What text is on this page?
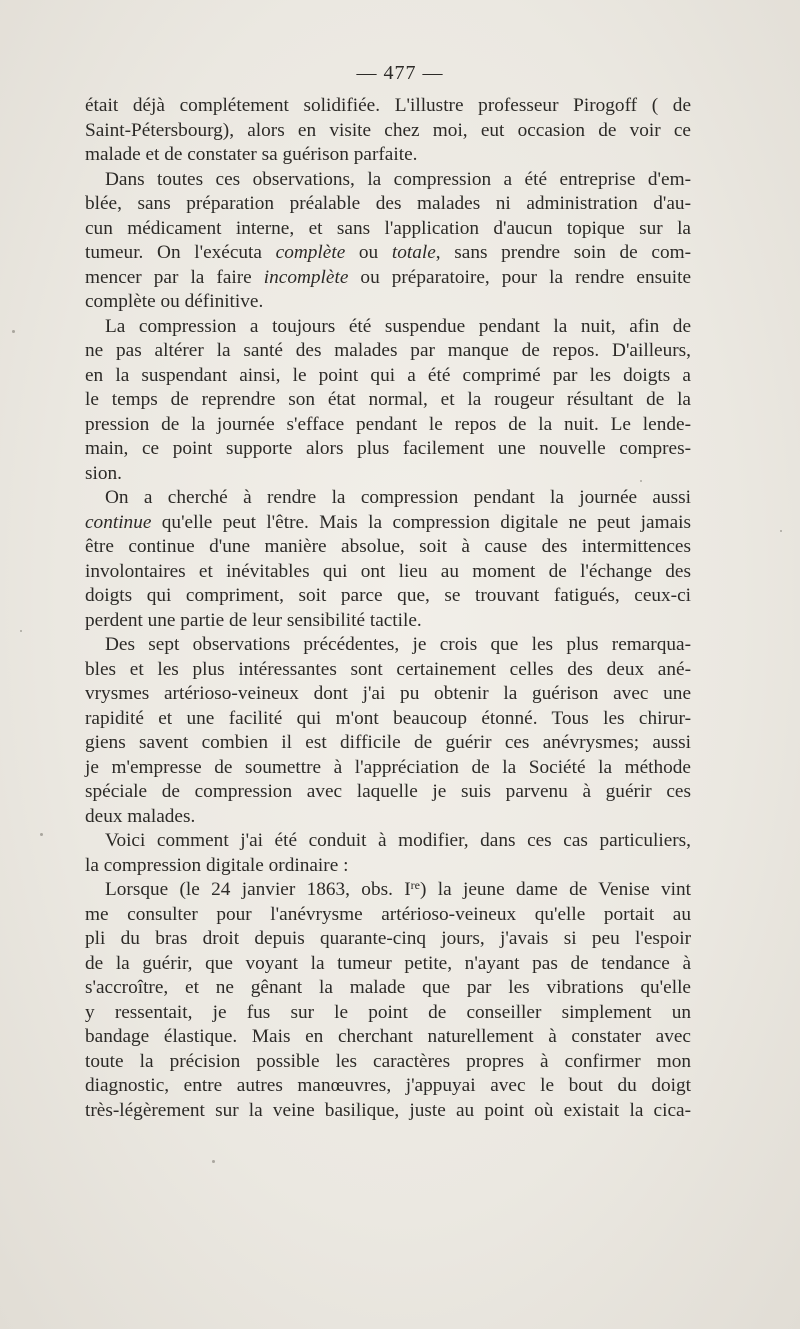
— 477 —
était déjà complétement solidifiée. L'illustre professeur Pirogoff ( de
Saint-Pétersbourg), alors en visite chez moi, eut occasion de voir ce
malade et de constater sa guérison parfaite.
Dans toutes ces observations, la compression a été entreprise d'em-
blée, sans préparation préalable des malades ni administration d'au-
cun médicament interne, et sans l'application d'aucun topique sur la
tumeur. On l'exécuta complète ou totale, sans prendre soin de com-
mencer par la faire incomplète ou préparatoire, pour la rendre ensuite
complète ou définitive.
La compression a toujours été suspendue pendant la nuit, afin de
ne pas altérer la santé des malades par manque de repos. D'ailleurs,
en la suspendant ainsi, le point qui a été comprimé par les doigts a
le temps de reprendre son état normal, et la rougeur résultant de la
pression de la journée s'efface pendant le repos de la nuit. Le lende-
main, ce point supporte alors plus facilement une nouvelle compres-
sion.
On a cherché à rendre la compression pendant la journée aussi
continue qu'elle peut l'être. Mais la compression digitale ne peut jamais
être continue d'une manière absolue, soit à cause des intermittences
involontaires et inévitables qui ont lieu au moment de l'échange des
doigts qui compriment, soit parce que, se trouvant fatigués, ceux-ci
perdent une partie de leur sensibilité tactile.
Des sept observations précédentes, je crois que les plus remarqua-
bles et les plus intéressantes sont certainement celles des deux ané-
vrysmes artérioso-veineux dont j'ai pu obtenir la guérison avec une
rapidité et une facilité qui m'ont beaucoup étonné. Tous les chirur-
giens savent combien il est difficile de guérir ces anévrysmes; aussi
je m'empresse de soumettre à l'appréciation de la Société la méthode
spéciale de compression avec laquelle je suis parvenu à guérir ces
deux malades.
Voici comment j'ai été conduit à modifier, dans ces cas particuliers,
la compression digitale ordinaire :
Lorsque (le 24 janvier 1863, obs. Ire) la jeune dame de Venise vint
me consulter pour l'anévrysme artérioso-veineux qu'elle portait au
pli du bras droit depuis quarante-cinq jours, j'avais si peu l'espoir
de la guérir, que voyant la tumeur petite, n'ayant pas de tendance à
s'accroître, et ne gênant la malade que par les vibrations qu'elle
y ressentait, je fus sur le point de conseiller simplement un
bandage élastique. Mais en cherchant naturellement à constater avec
toute la précision possible les caractères propres à confirmer mon
diagnostic, entre autres manœuvres, j'appuyai avec le bout du doigt
très-légèrement sur la veine basilique, juste au point où existait la cica-
